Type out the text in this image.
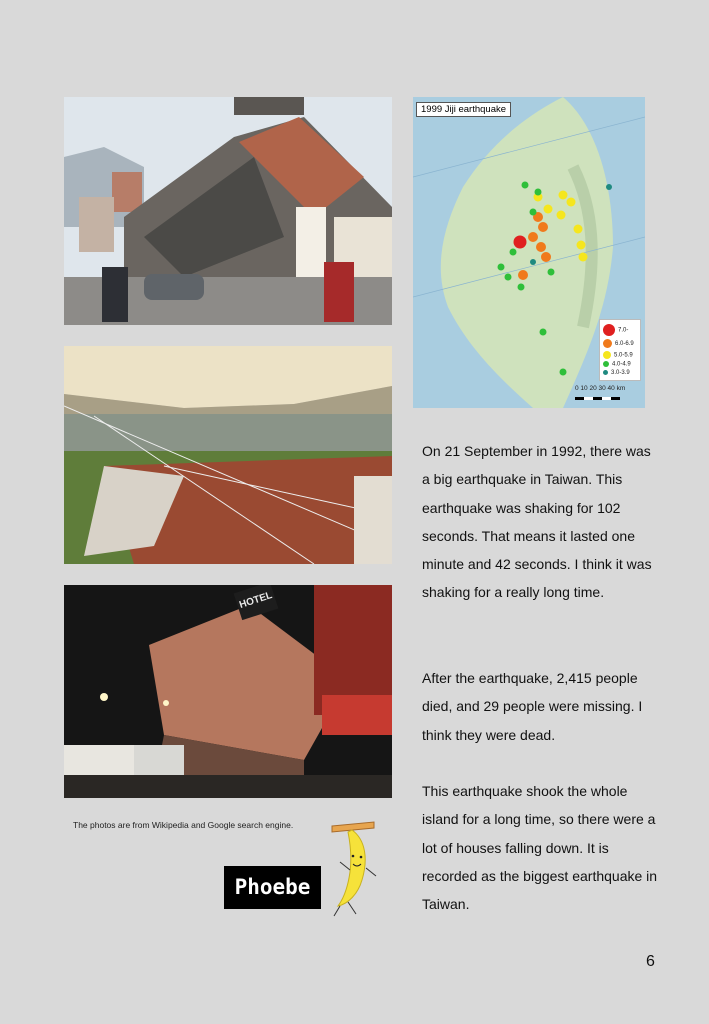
HOTEL
1999 Jiji earthquake
7.0-
6.0-6.9
5.0-5.9
4.0-4.9
3.0-3.9
0 10 20 30 40 km

On 21 September in 1992, there was a big earthquake in Taiwan. This earthquake was shaking for 102 seconds. That means it lasted one minute and 42 seconds. I think it was shaking for a really long time.

After the earthquake, 2,415 people died, and 29 people were missing. I think they were dead.

This earthquake shook the whole island for a long time, so there were a lot of houses falling down. It is recorded as the biggest earthquake in Taiwan.

The photos are from Wikipedia and Google search engine.
Phoebe
6
